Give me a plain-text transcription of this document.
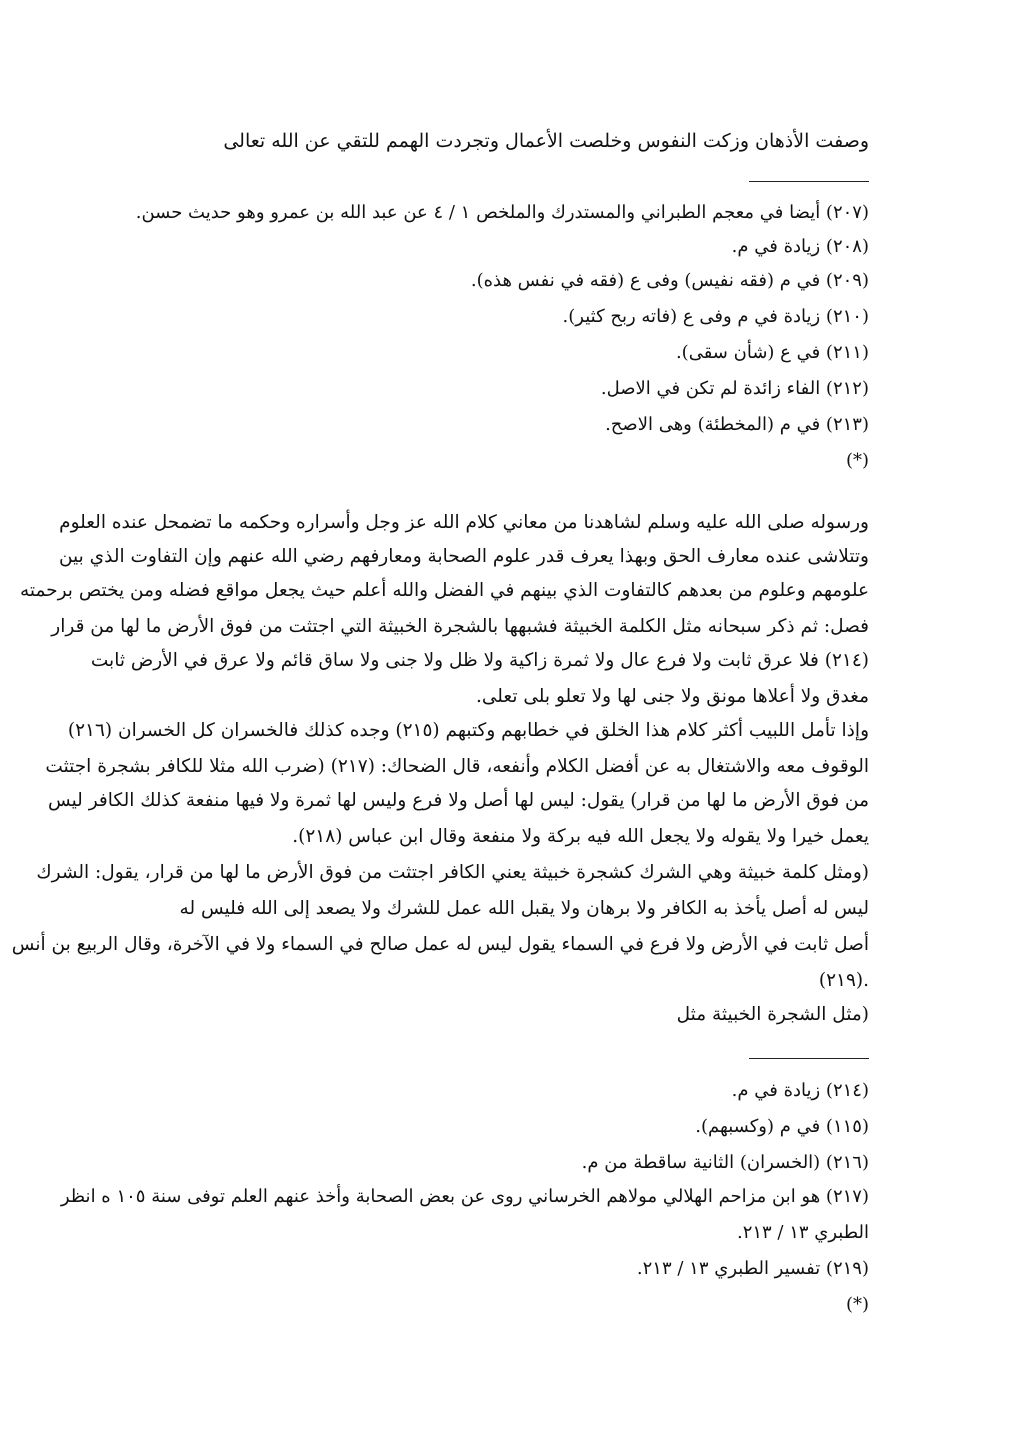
وصفت الأذهان وزكت النفوس وخلصت الأعمال وتجردت الهمم للتقي عن الله تعالى
(٢٠٧) أيضا في معجم الطبراني والمستدرك والملخص ١ / ٤ عن عبد الله بن عمرو وهو حديث حسن.
(٢٠٨) زيادة في م.
(٢٠٩) في م (فقه نفيس) وفى ع (فقه في نفس هذه).
(٢١٠) زيادة في م وفى ع (فاته ربح كثير).
(٢١١) في ع (شأن سقى).
(٢١٢) الفاء زائدة لم تكن في الاصل.
(٢١٣) في م (المخطئة) وهى الاصح.
(*)
ورسوله صلى الله عليه وسلم لشاهدنا من معاني كلام الله عز وجل وأسراره وحكمه ما تضمحل عنده العلوم
وتتلاشى عنده معارف الحق وبهذا يعرف قدر علوم الصحابة ومعارفهم رضي الله عنهم وإن التفاوت الذي بين
علومهم وعلوم من بعدهم كالتفاوت الذي بينهم في الفضل والله أعلم حيث يجعل مواقع فضله ومن يختص برحمته
فصل: ثم ذكر سبحانه مثل الكلمة الخبيثة فشبهها بالشجرة الخبيثة التي اجتثت من فوق الأرض ما لها من قرار
(٢١٤) فلا عرق ثابت ولا فرع عال ولا ثمرة زاكية ولا ظل ولا جنى ولا ساق قائم ولا عرق في الأرض ثابت
مغدق ولا أعلاها مونق ولا جنى لها ولا تعلو بلى تعلى.
وإذا تأمل اللبيب أكثر كلام هذا الخلق في خطابهم وكتبهم (٢١٥) وجده كذلك فالخسران كل الخسران (٢١٦)
الوقوف معه والاشتغال به عن أفضل الكلام وأنفعه، قال الضحاك: (٢١٧) (ضرب الله مثلا للكافر بشجرة اجتثت
من فوق الأرض ما لها من قرار) يقول: ليس لها أصل ولا فرع وليس لها ثمرة ولا فيها منفعة كذلك الكافر ليس
يعمل خيرا ولا يقوله ولا يجعل الله فيه بركة ولا منفعة وقال ابن عباس (٢١٨).
(ومثل كلمة خبيثة وهي الشرك كشجرة خبيثة يعني الكافر اجتثت من فوق الأرض ما لها من قرار، يقول: الشرك
ليس له أصل يأخذ به الكافر ولا برهان ولا يقبل الله عمل للشرك ولا يصعد إلى الله فليس له
أصل ثابت في الأرض ولا فرع في السماء يقول ليس له عمل صالح في السماء ولا في الآخرة، وقال الربيع بن أنس
(٢١٩).
(مثل الشجرة الخبيثة مثل
(٢١٤) زيادة في م.
(١١٥) في م (وكسبهم).
(٢١٦) (الخسران) الثانية ساقطة من م.
(٢١٧) هو ابن مزاحم الهلالي مولاهم الخرساني روى عن بعض الصحابة وأخذ عنهم العلم توفى سنة ١٠٥ ه انظر
الطبري ١٣ / ٢١٣.
(٢١٩) تفسير الطبري ١٣ / ٢١٣.
(*)
